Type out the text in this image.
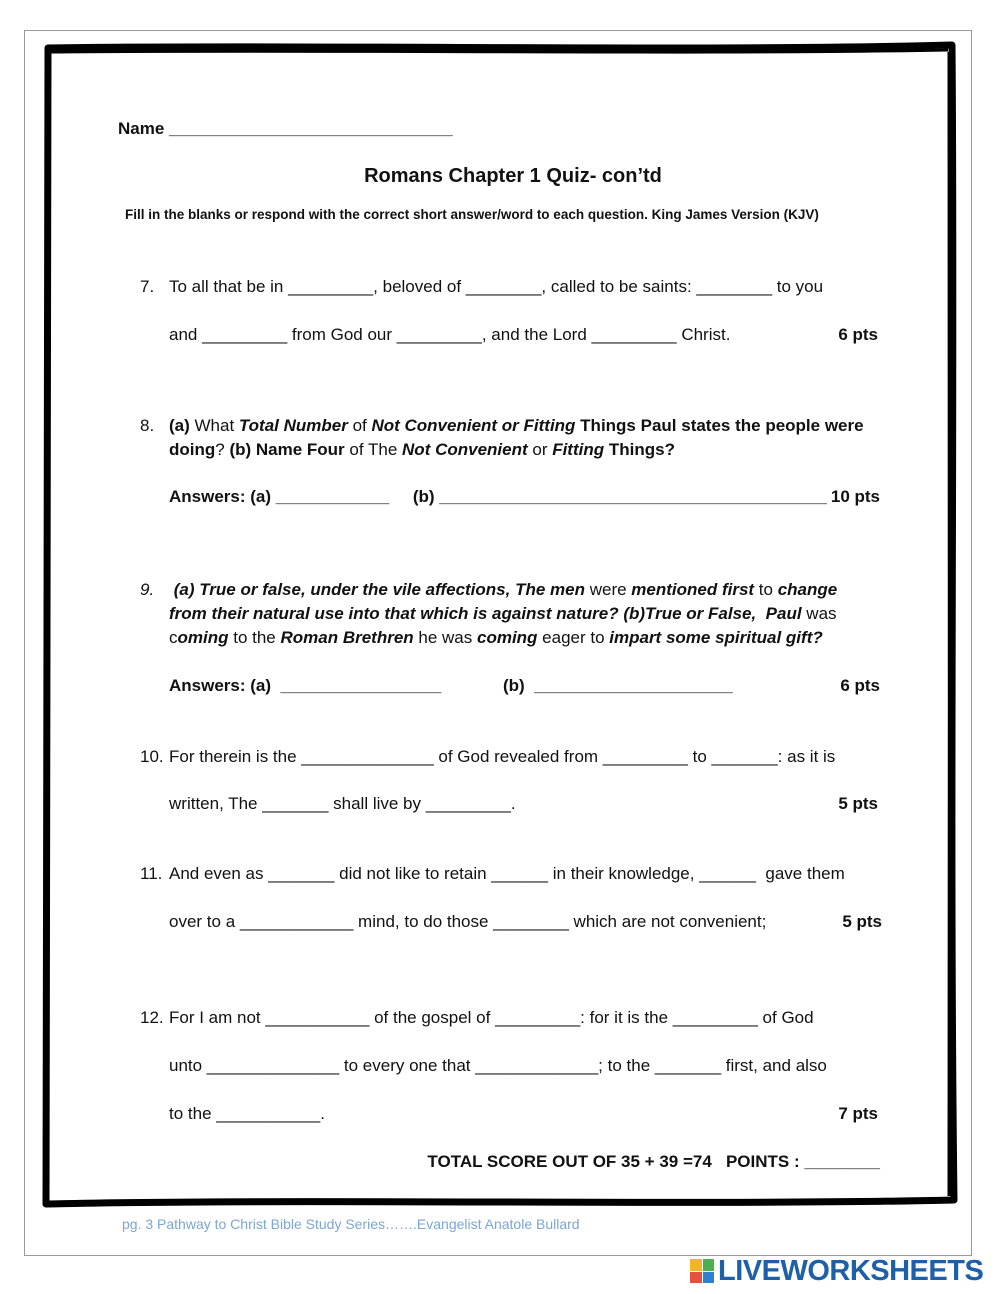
Name ______________________________
Romans Chapter 1 Quiz- con’td
Fill in the blanks or respond with the correct short answer/word to each question. King James Version (KJV)
7. To all that be in _________, beloved of ________, called to be saints: ________ to you
and _________ from God our _________, and the Lord _________ Christ.	6 pts
8. (a) What Total Number of Not Convenient or Fitting Things Paul states the people were
doing? (b) Name Four of The Not Convenient or Fitting Things?
Answers: (a) ____________     (b) _________________________________________ 10 pts
9. (a) True or false, under the vile affections, The men were mentioned first to change
from their natural use into that which is against nature? (b)True or False,  Paul was
coming to the Roman Brethren he was coming eager to impart some spiritual gift?
Answers: (a)  _________________	(b)  _____________________	6 pts
10. For therein is the ______________ of God revealed from _________ to _______: as it is
written, The _______ shall live by _________.	5 pts
11. And even as _______ did not like to retain ______ in their knowledge, ______  gave them
over to a ____________ mind, to do those ________ which are not convenient;	5 pts
12. For I am not ___________ of the gospel of _________: for it is the _________ of God
unto ______________ to every one that _____________; to the _______ first, and also
to the ___________.	7 pts
TOTAL SCORE OUT OF 35 + 39 =74   POINTS : ________
pg. 3 Pathway to Christ Bible Study Series…….Evangelist Anatole Bullard
LIVEWORKSHEETS
